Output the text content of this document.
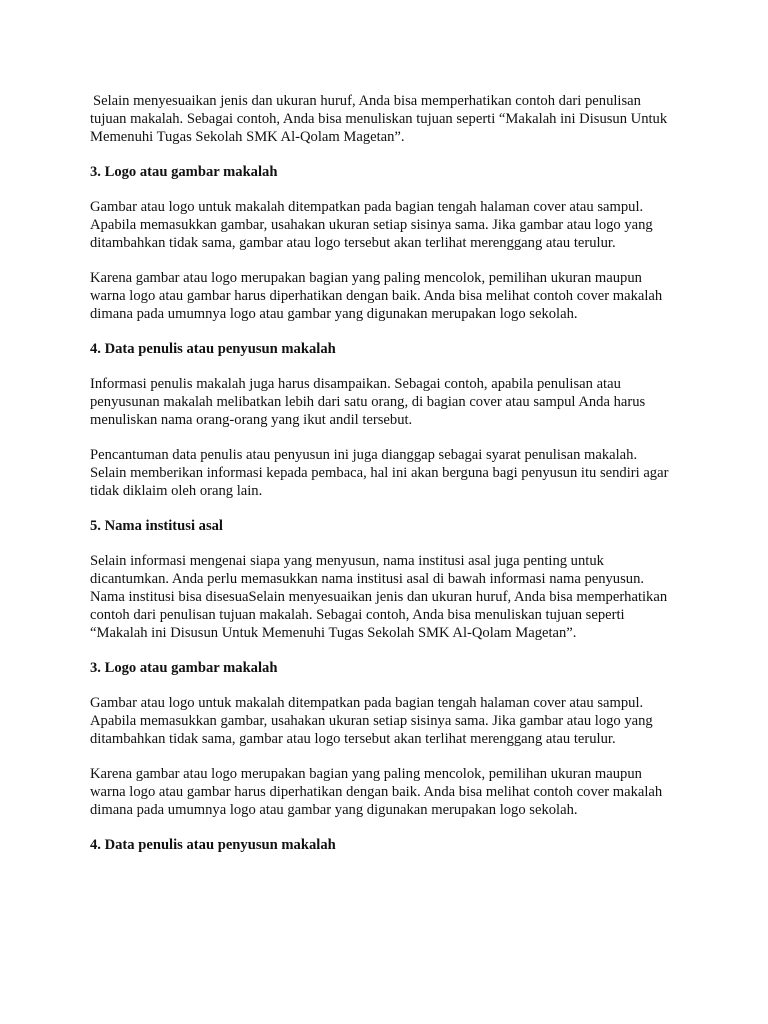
Selain menyesuaikan jenis dan ukuran huruf, Anda bisa memperhatikan contoh dari penulisan tujuan makalah. Sebagai contoh, Anda bisa menuliskan tujuan seperti “Makalah ini Disusun Untuk Memenuhi Tugas Sekolah SMK Al-Qolam Magetan”.

3. Logo atau gambar makalah

Gambar atau logo untuk makalah ditempatkan pada bagian tengah halaman cover atau sampul. Apabila memasukkan gambar, usahakan ukuran setiap sisinya sama. Jika gambar atau logo yang ditambahkan tidak sama, gambar atau logo tersebut akan terlihat merenggang atau terulur.

Karena gambar atau logo merupakan bagian yang paling mencolok, pemilihan ukuran maupun warna logo atau gambar harus diperhatikan dengan baik. Anda bisa melihat contoh cover makalah dimana pada umumnya logo atau gambar yang digunakan merupakan logo sekolah.

4. Data penulis atau penyusun makalah

Informasi penulis makalah juga harus disampaikan. Sebagai contoh, apabila penulisan atau penyusunan makalah melibatkan lebih dari satu orang, di bagian cover atau sampul Anda harus menuliskan nama orang-orang yang ikut andil tersebut.

Pencantuman data penulis atau penyusun ini juga dianggap sebagai syarat penulisan makalah. Selain memberikan informasi kepada pembaca, hal ini akan berguna bagi penyusun itu sendiri agar tidak diklaim oleh orang lain.

5. Nama institusi asal

Selain informasi mengenai siapa yang menyusun, nama institusi asal juga penting untuk dicantumkan. Anda perlu memasukkan nama institusi asal di bawah informasi nama penyusun. Nama institusi bisa disesuaSelain menyesuaikan jenis dan ukuran huruf, Anda bisa memperhatikan contoh dari penulisan tujuan makalah. Sebagai contoh, Anda bisa menuliskan tujuan seperti “Makalah ini Disusun Untuk Memenuhi Tugas Sekolah SMK Al-Qolam Magetan”.

3. Logo atau gambar makalah

Gambar atau logo untuk makalah ditempatkan pada bagian tengah halaman cover atau sampul. Apabila memasukkan gambar, usahakan ukuran setiap sisinya sama. Jika gambar atau logo yang ditambahkan tidak sama, gambar atau logo tersebut akan terlihat merenggang atau terulur.

Karena gambar atau logo merupakan bagian yang paling mencolok, pemilihan ukuran maupun warna logo atau gambar harus diperhatikan dengan baik. Anda bisa melihat contoh cover makalah dimana pada umumnya logo atau gambar yang digunakan merupakan logo sekolah.

4. Data penulis atau penyusun makalah
